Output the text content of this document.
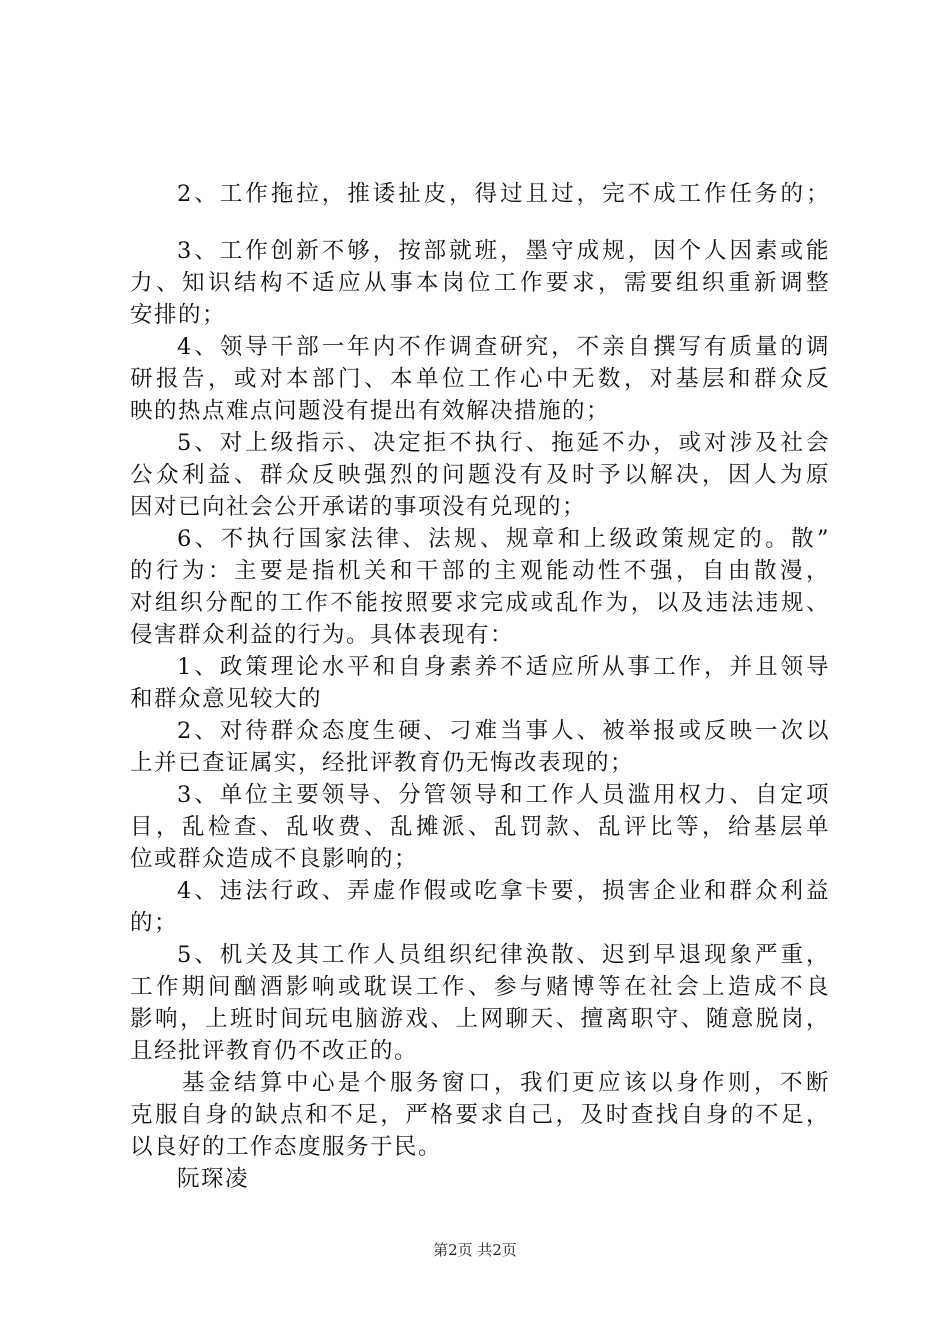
2、工作拖拉，推诿扯皮，得过且过，完不成工作任务的；
3、工作创新不够，按部就班，墨守成规，因个人因素或能
力、知识结构不适应从事本岗位工作要求，需要组织重新调整
安排的；
4、领导干部一年内不作调查研究，不亲自撰写有质量的调
研报告，或对本部门、本单位工作心中无数，对基层和群众反
映的热点难点问题没有提出有效解决措施的；
5、对上级指示、决定拒不执行、拖延不办，或对涉及社会
公众利益、群众反映强烈的问题没有及时予以解决，因人为原
因对已向社会公开承诺的事项没有兑现的；
6、不执行国家法律、法规、规章和上级政策规定的。散”
的行为：主要是指机关和干部的主观能动性不强，自由散漫，
对组织分配的工作不能按照要求完成或乱作为，以及违法违规、
侵害群众利益的行为。具体表现有：
1、政策理论水平和自身素养不适应所从事工作，并且领导
和群众意见较大的
2、对待群众态度生硬、刁难当事人、被举报或反映一次以
上并已查证属实，经批评教育仍无悔改表现的；
3、单位主要领导、分管领导和工作人员滥用权力、自定项
目，乱检查、乱收费、乱摊派、乱罚款、乱评比等，给基层单
位或群众造成不良影响的；
4、违法行政、弄虚作假或吃拿卡要，损害企业和群众利益
的；
5、机关及其工作人员组织纪律涣散、迟到早退现象严重，
工作期间酗酒影响或耽误工作、参与赌博等在社会上造成不良
影响，上班时间玩电脑游戏、上网聊天、擅离职守、随意脱岗，
且经批评教育仍不改正的。
基金结算中心是个服务窗口，我们更应该以身作则，不断
克服自身的缺点和不足，严格要求自己，及时查找自身的不足，
以良好的工作态度服务于民。
阮琛凌
第2页 共2页
